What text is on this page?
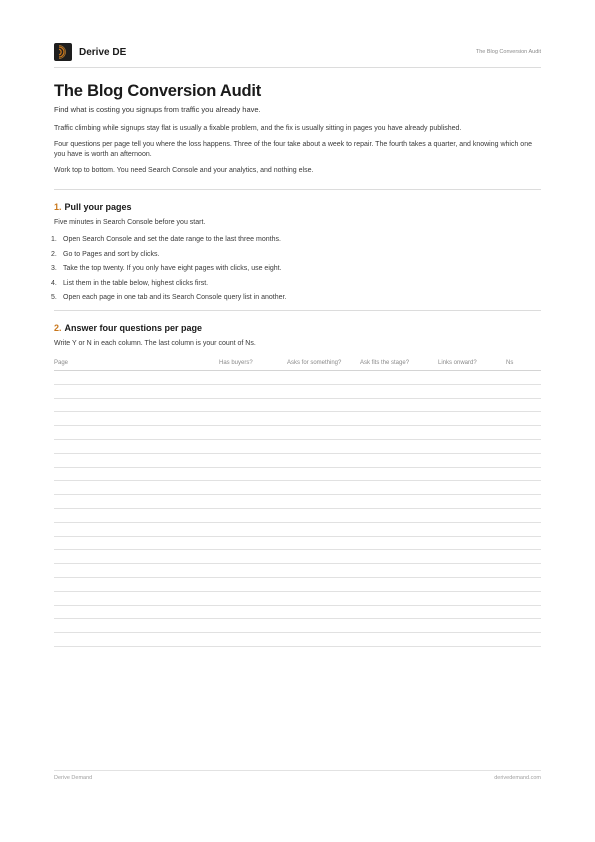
Derive DE	The Blog Conversion Audit
The Blog Conversion Audit
Find what is costing you signups from traffic you already have.
Traffic climbing while signups stay flat is usually a fixable problem, and the fix is usually sitting in pages you have already published.
Four questions per page tell you where the loss happens. Three of the four take about a week to repair. The fourth takes a quarter, and knowing which one you have is worth an afternoon.
Work top to bottom. You need Search Console and your analytics, and nothing else.
1. Pull your pages
Five minutes in Search Console before you start.
1. Open Search Console and set the date range to the last three months.
2. Go to Pages and sort by clicks.
3. Take the top twenty. If you only have eight pages with clicks, use eight.
4. List them in the table below, highest clicks first.
5. Open each page in one tab and its Search Console query list in another.
2. Answer four questions per page
Write Y or N in each column. The last column is your count of Ns.
Page	Has buyers?	Asks for something?	Ask fits the stage?	Links onward?	Ns
Derive Demand	derivedemand.com
